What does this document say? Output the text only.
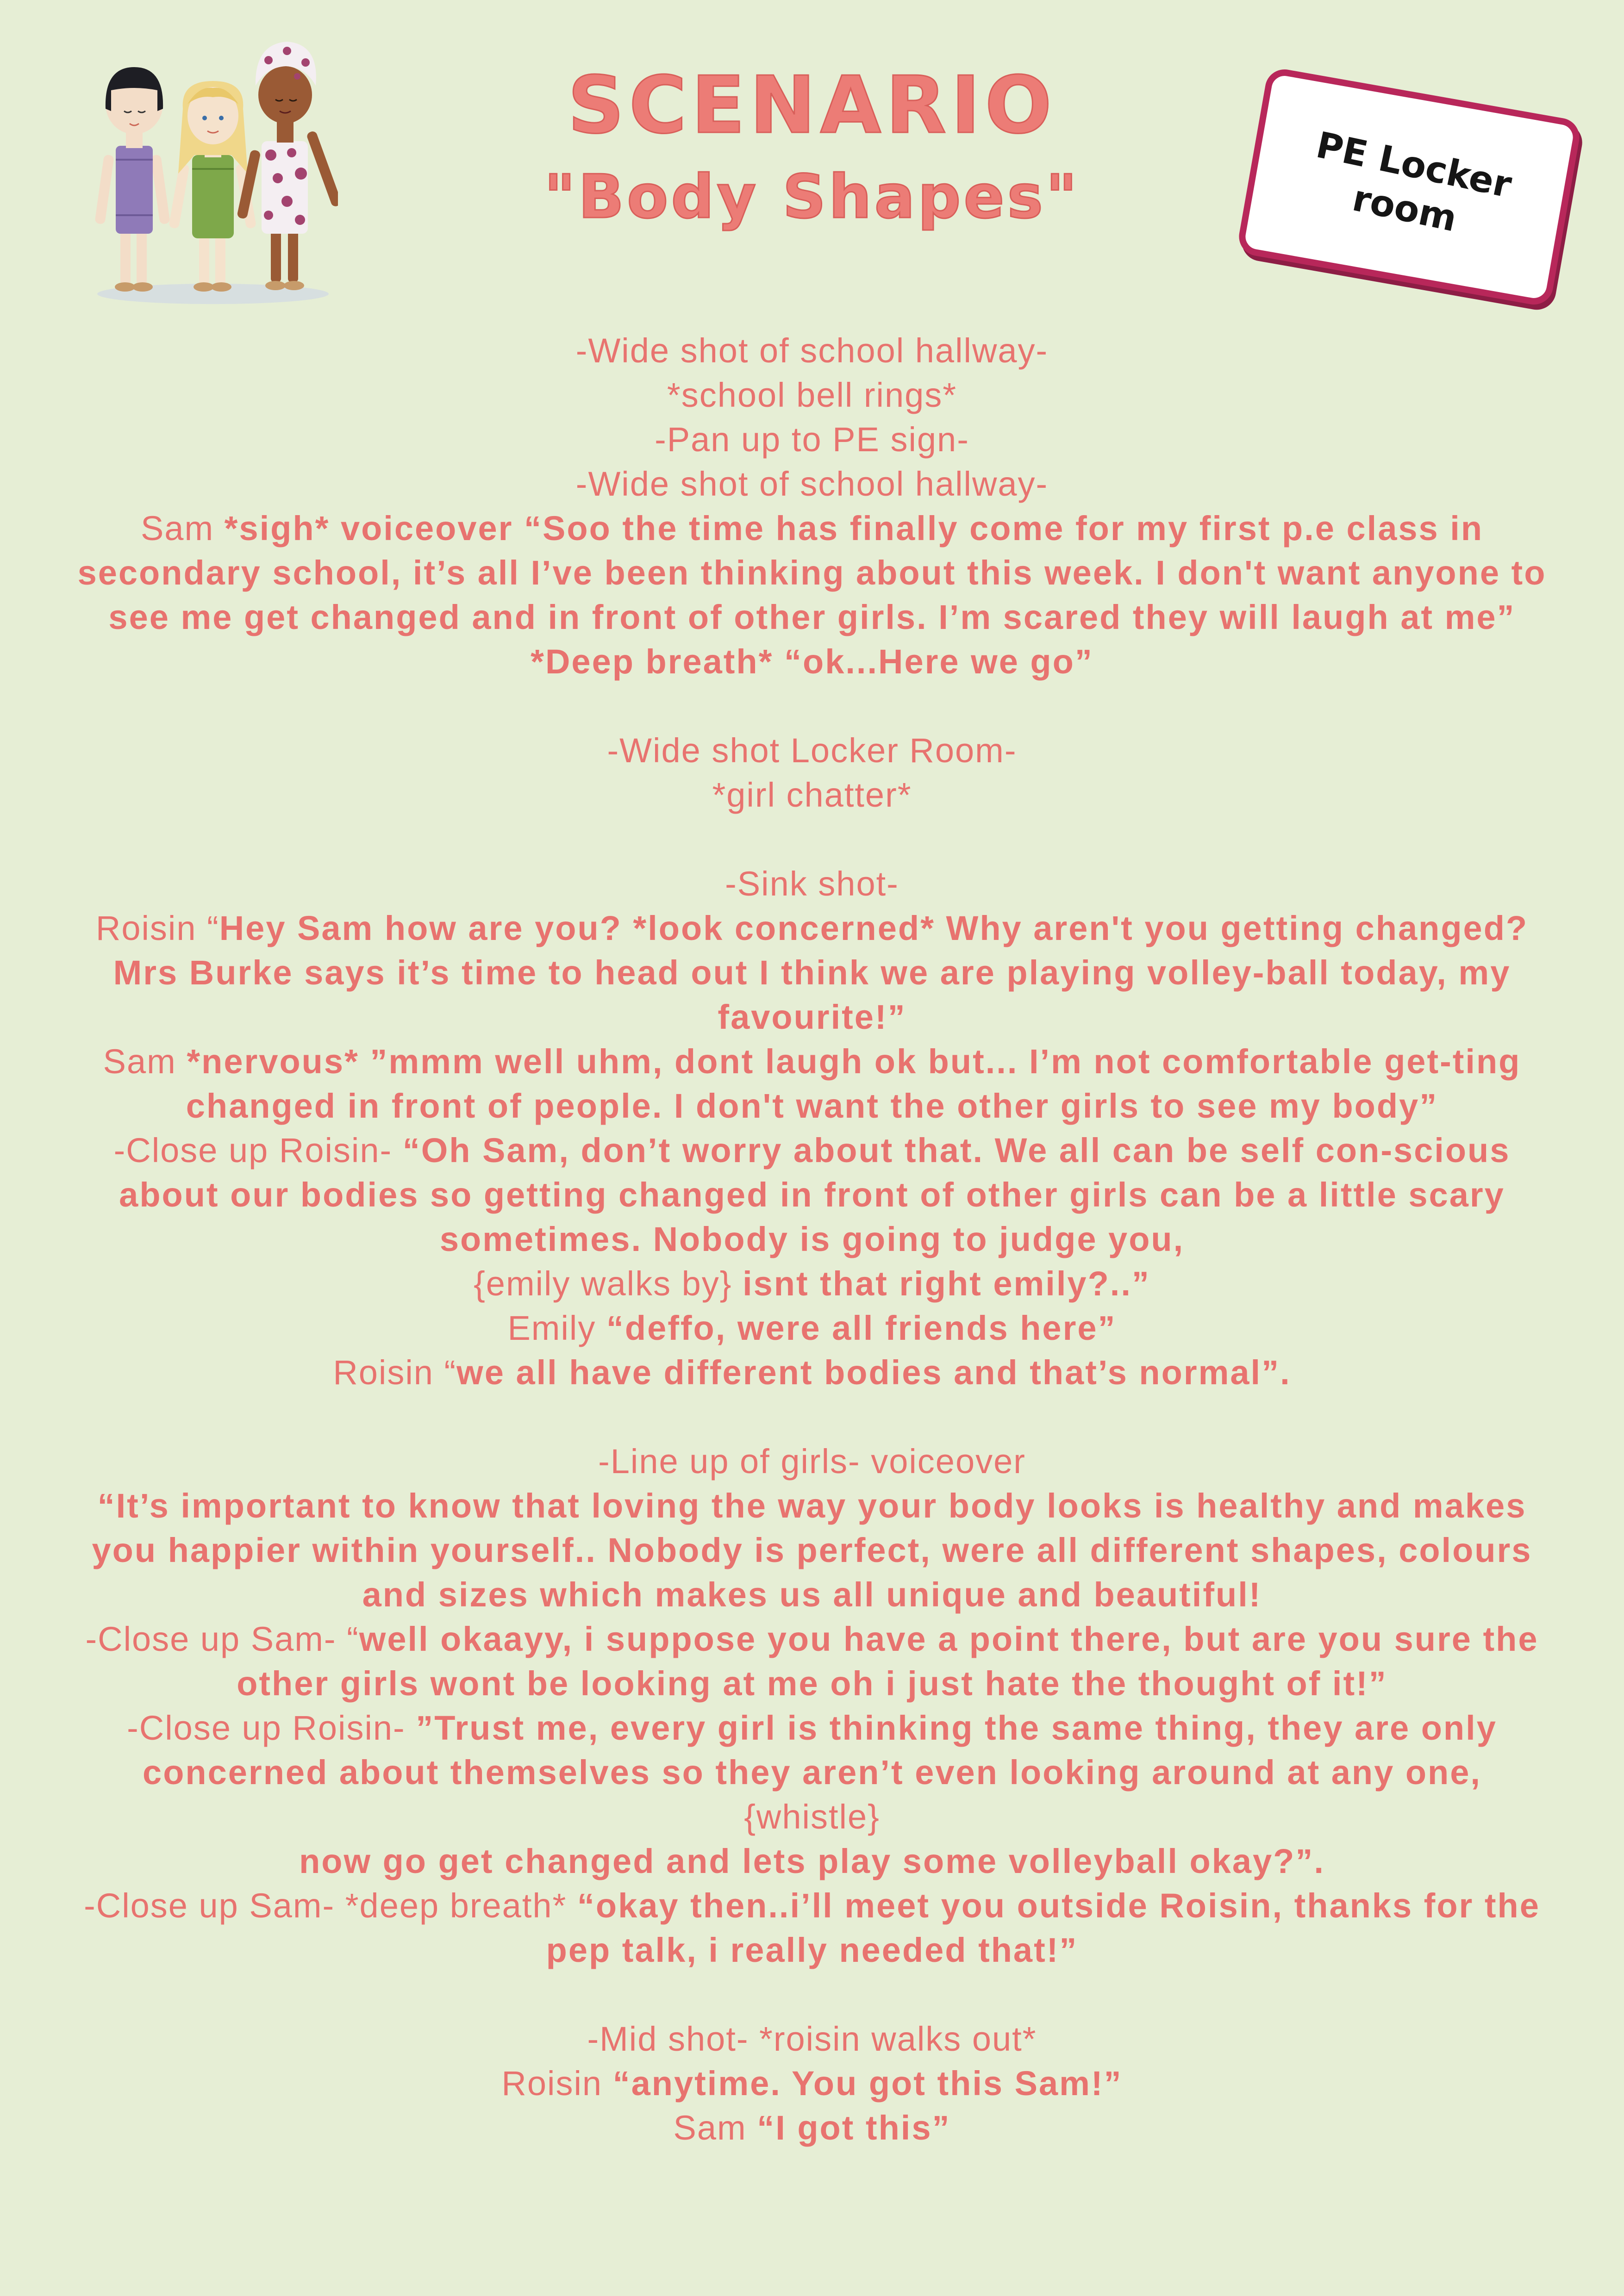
SCENARIO
"Body Shapes"	PE Locker
room

-Wide shot of school hallway-

*school bell rings*

-Pan up to PE sign-

-Wide shot of school hallway-

Sam *sigh* voiceover “Soo the time has finally come for my first p.e class in secondary school, it’s all I’ve been thinking about this week. I don't want anyone to see me get changed and in front of other girls. I’m scared they will laugh at me”

*Deep breath* “ok...Here we go”

-Wide shot Locker Room-

*girl chatter*

-Sink shot-

Roisin “Hey Sam how are you? *look concerned* Why aren't you getting changed? Mrs Burke says it’s time to head out I think we are playing volley-ball today, my favourite!”

Sam *nervous* ”mmm well uhm, dont laugh ok but... I’m not comfortable get-ting changed in front of people. I don't want the other girls to see my body”

-Close up Roisin- “Oh Sam, don’t worry about that. We all can be self con-scious about our bodies so getting changed in front of other girls can be a little scary sometimes. Nobody is going to judge you,

{emily walks by} isnt that right emily?..”

Emily “deffo, were all friends here”

Roisin “we all have different bodies and that’s normal”.

-Line up of girls- voiceover

“It’s important to know that loving the way your body looks is healthy and makes you happier within yourself.. Nobody is perfect, were all different shapes, colours and sizes which makes us all unique and beautiful!

-Close up Sam- “well okaayy, i suppose you have a point there, but are you sure the other girls wont be looking at me oh i just hate the thought of it!”

-Close up Roisin- ”Trust me, every girl is thinking the same thing, they are only concerned about themselves so they aren’t even looking around at any one, {whistle}

now go get changed and lets play some volleyball okay?”.

-Close up Sam- *deep breath* “okay then..i’ll meet you outside Roisin, thanks for the pep talk, i really needed that!”

-Mid shot- *roisin walks out*

Roisin “anytime. You got this Sam!”

Sam “I got this”
